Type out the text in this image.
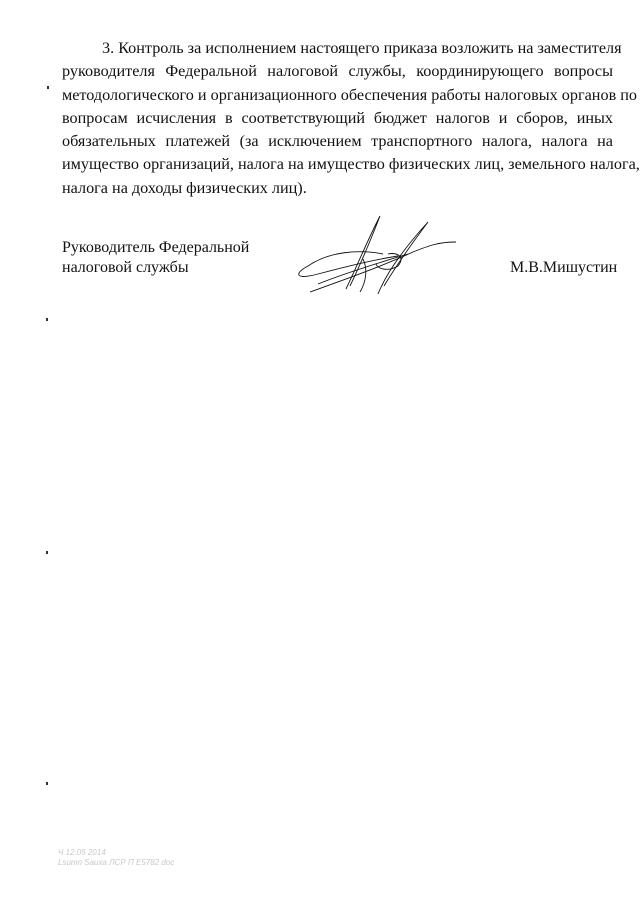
3. Контроль за исполнением настоящего приказа возложить на заместителя
руководителя Федеральной налоговой службы, координирующего вопросы
методологического и организационного обеспечения работы налоговых органов по
вопросам исчисления в соответствующий бюджет налогов и сборов, иных
обязательных платежей (за исключением транспортного налога, налога на
имущество организаций, налога на имущество физических лиц, земельного налога,
налога на доходы физических лиц).
Руководитель Федеральной
налоговой службы	М.В.Мишустин
Ч 12.05 2014
Lsumn Sauxa ЛСР П Е5782 doc
